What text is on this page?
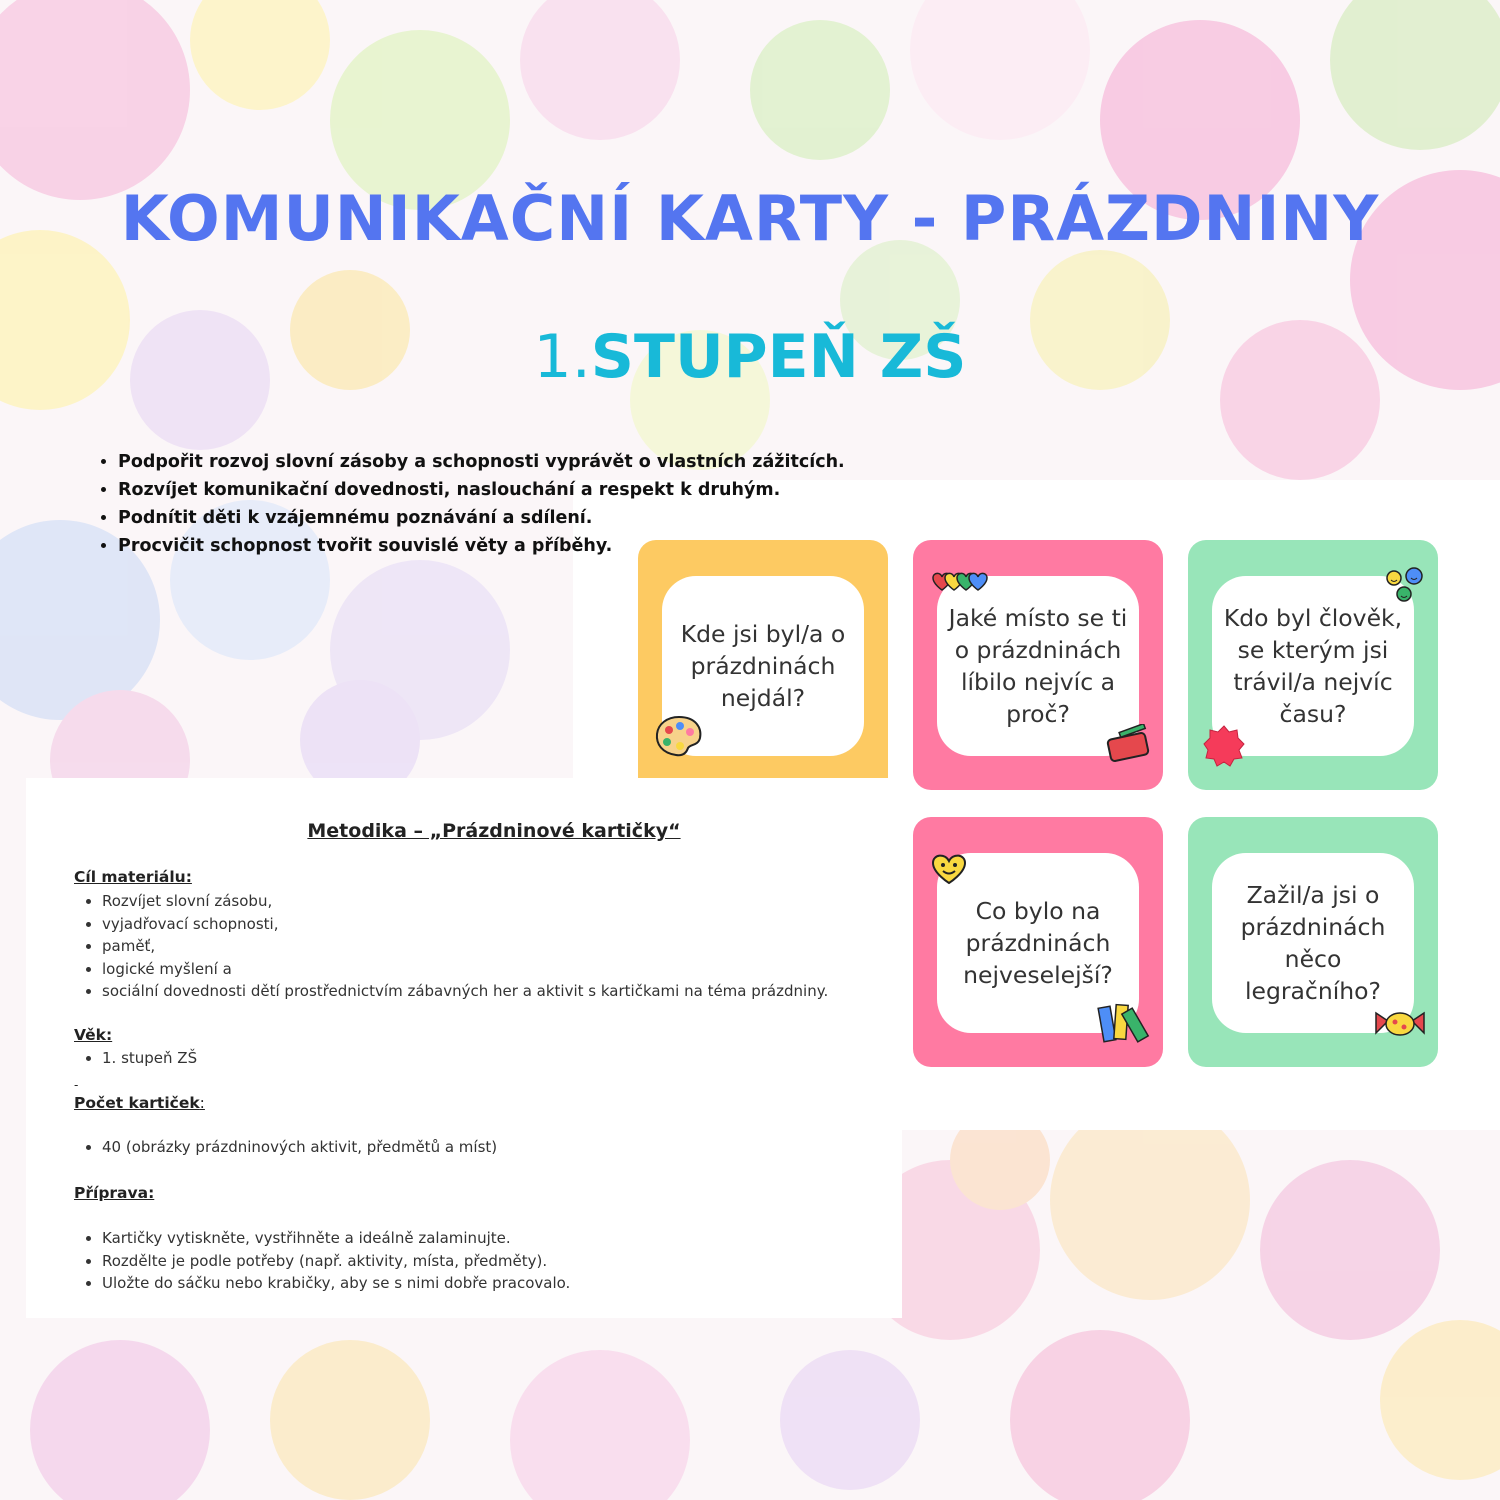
KOMUNIKAČNÍ KARTY - PRÁZDNINY
1.STUPEŇ ZŠ
• Podpořit rozvoj slovní zásoby a schopnosti vyprávět o vlastních zážitcích.
• Rozvíjet komunikační dovednosti, naslouchání a respekt k druhým.
• Podnítit děti k vzájemnému poznávání a sdílení.
• Procvičit schopnost tvořit souvislé věty a příběhy.
Kde jsi byl/a o prázdninách nejdál?
Jaké místo se ti o prázdninách líbilo nejvíc a proč?
Kdo byl člověk, se kterým jsi trávil/a nejvíc času?
Co bylo na prázdninách nejveselejší?
Zažil/a jsi o prázdninách něco legračního?
Metodika – „Prázdninové kartičky“
Cíl materiálu:
• Rozvíjet slovní zásobu,
• vyjadřovací schopnosti,
• paměť,
• logické myšlení a
• sociální dovednosti dětí prostřednictvím zábavných her a aktivit s kartičkami na téma prázdniny.
Věk:
• 1. stupeň ZŠ
-
Počet kartiček:
• 40 (obrázky prázdninových aktivit, předmětů a míst)
Příprava:
• Kartičky vytiskněte, vystřihněte a ideálně zalaminujte.
• Rozdělte je podle potřeby (např. aktivity, místa, předměty).
• Uložte do sáčku nebo krabičky, aby se s nimi dobře pracovalo.
